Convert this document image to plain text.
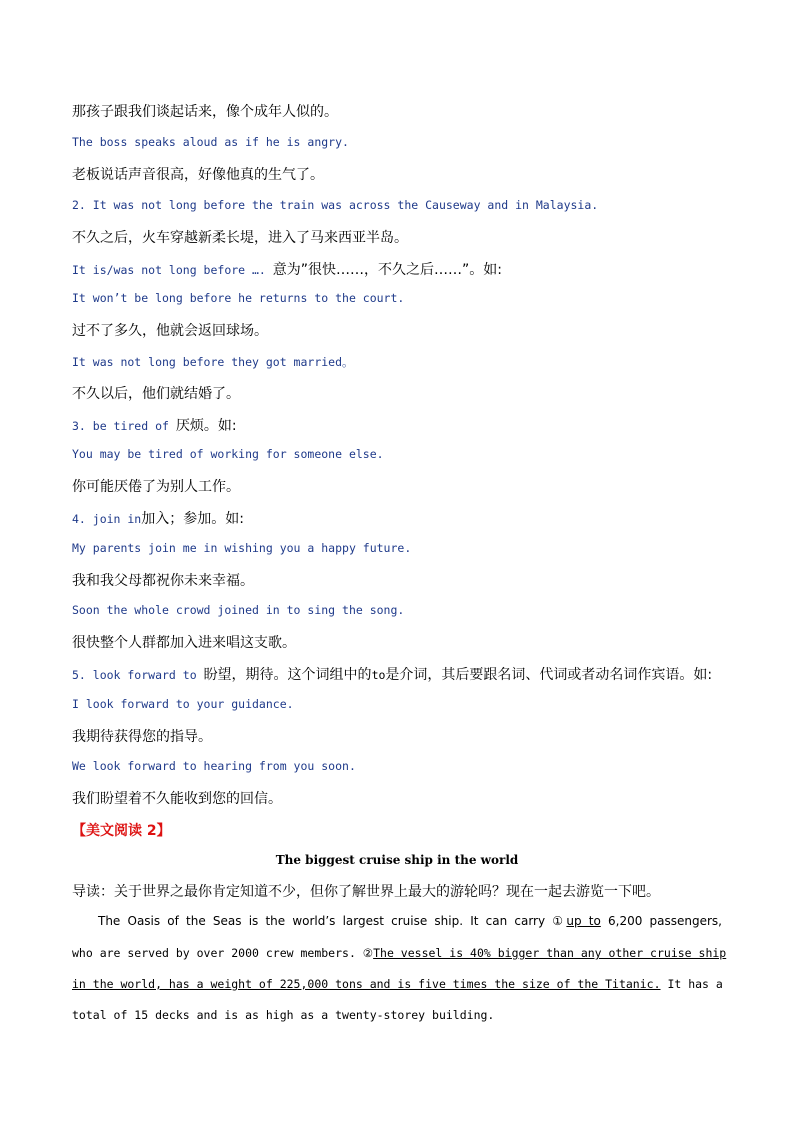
那孩子跟我们谈起话来，像个成年人似的。
The boss speaks aloud as if he is angry.
老板说话声音很高，好像他真的生气了。
2. It was not long before the train was across the Causeway and in Malaysia.
不久之后，火车穿越新柔长堤，进入了马来西亚半岛。
It is/was not long before …. 意为”很快……，不久之后……”。如:
It won’t be long before he returns to the court.
过不了多久，他就会返回球场。
It was not long before they got married。
不久以后，他们就结婚了。
3. be tired of 厌烦。如:
You may be tired of working for someone else.
你可能厌倦了为别人工作。
4. join in加入；参加。如:
My parents join me in wishing you a happy future.
我和我父母都祝你未来幸福。
Soon the whole crowd joined in to sing the song.
很快整个人群都加入进来唱这支歌。
5. look forward to 盼望，期待。这个词组中的to是介词，其后要跟名词、代词或者动名词作宾语。如:
I look forward to your guidance.
我期待获得您的指导。
We look forward to hearing from you soon.
我们盼望着不久能收到您的回信。
【美文阅读 2】
The biggest cruise ship in the world
导读：关于世界之最你肯定知道不少，但你了解世界上最大的游轮吗？现在一起去游览一下吧。
The Oasis of the Seas is the world’s largest cruise ship. It can carry ①up to 6,200 passengers,
who are served by over 2000 crew members. ②The vessel is 40% bigger than any other cruise ship
in the world, has a weight of 225,000 tons and is five times the size of the Titanic. It has a
total of 15 decks and is as high as a twenty-storey building.
